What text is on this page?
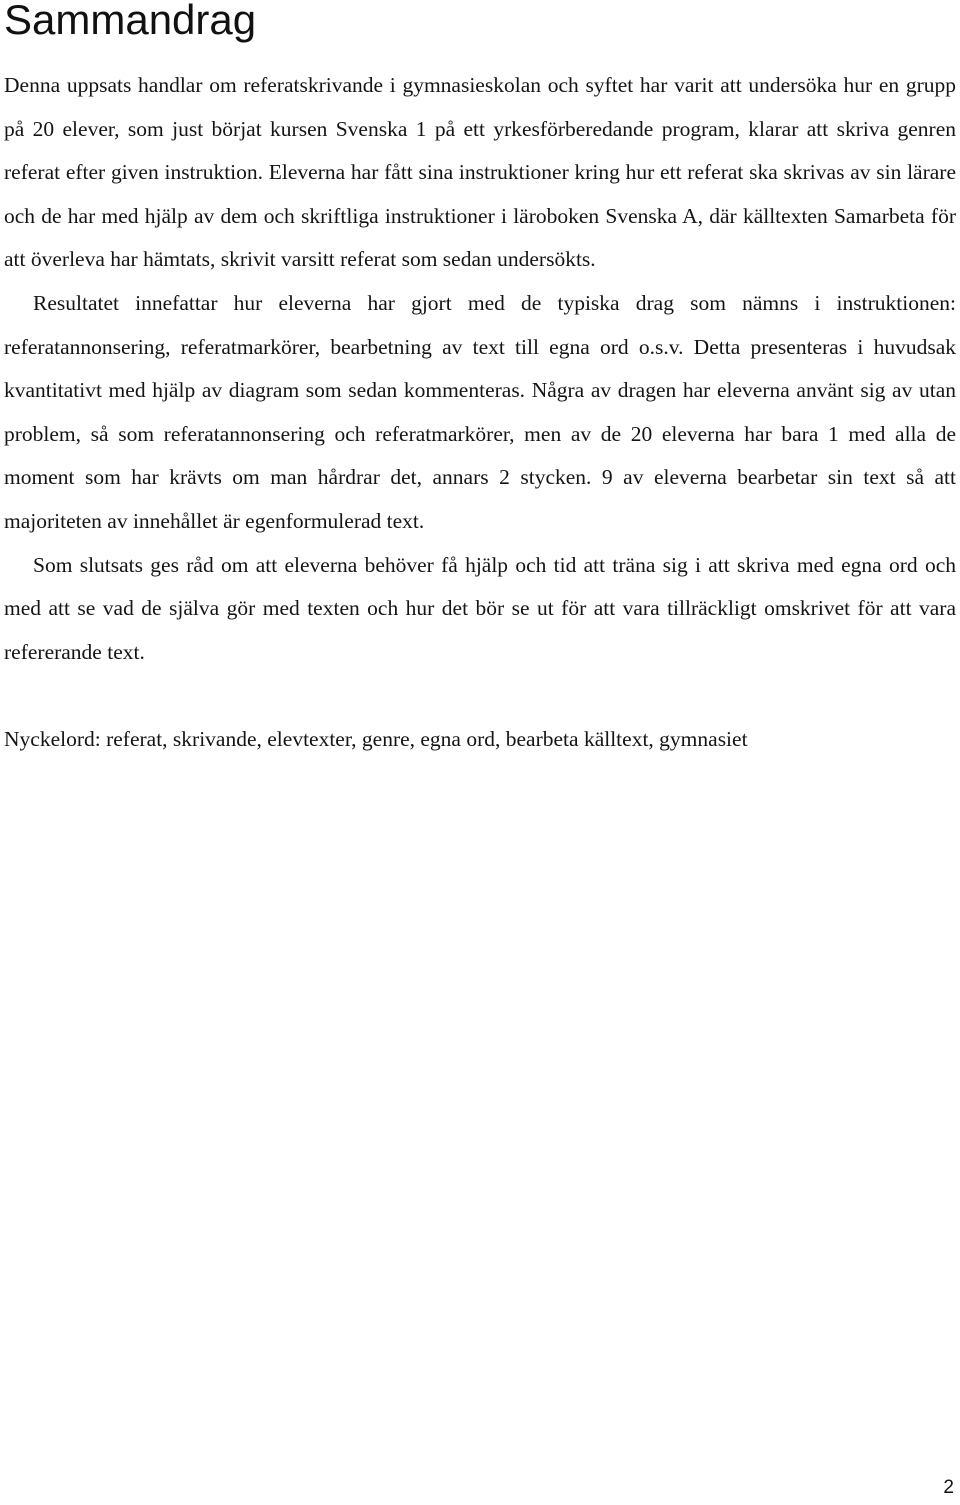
Sammandrag

Denna uppsats handlar om referatskrivande i gymnasieskolan och syftet har varit att undersöka hur en grupp på 20 elever, som just börjat kursen Svenska 1 på ett yrkesförberedande program, klarar att skriva genren referat efter given instruktion. Eleverna har fått sina instruktioner kring hur ett referat ska skrivas av sin lärare och de har med hjälp av dem och skriftliga instruktioner i läroboken Svenska A, där källtexten Samarbeta för att överleva har hämtats, skrivit varsitt referat som sedan undersökts.

Resultatet innefattar hur eleverna har gjort med de typiska drag som nämns i instruktionen: referatannonsering, referatmarkörer, bearbetning av text till egna ord o.s.v. Detta presenteras i huvudsak kvantitativt med hjälp av diagram som sedan kommenteras. Några av dragen har eleverna använt sig av utan problem, så som referatannonsering och referatmarkörer, men av de 20 eleverna har bara 1 med alla de moment som har krävts om man hårdrar det, annars 2 stycken. 9 av eleverna bearbetar sin text så att majoriteten av innehållet är egenformulerad text.

Som slutsats ges råd om att eleverna behöver få hjälp och tid att träna sig i att skriva med egna ord och med att se vad de själva gör med texten och hur det bör se ut för att vara tillräckligt omskrivet för att vara refererande text.

Nyckelord: referat, skrivande, elevtexter, genre, egna ord, bearbeta källtext, gymnasiet

2
